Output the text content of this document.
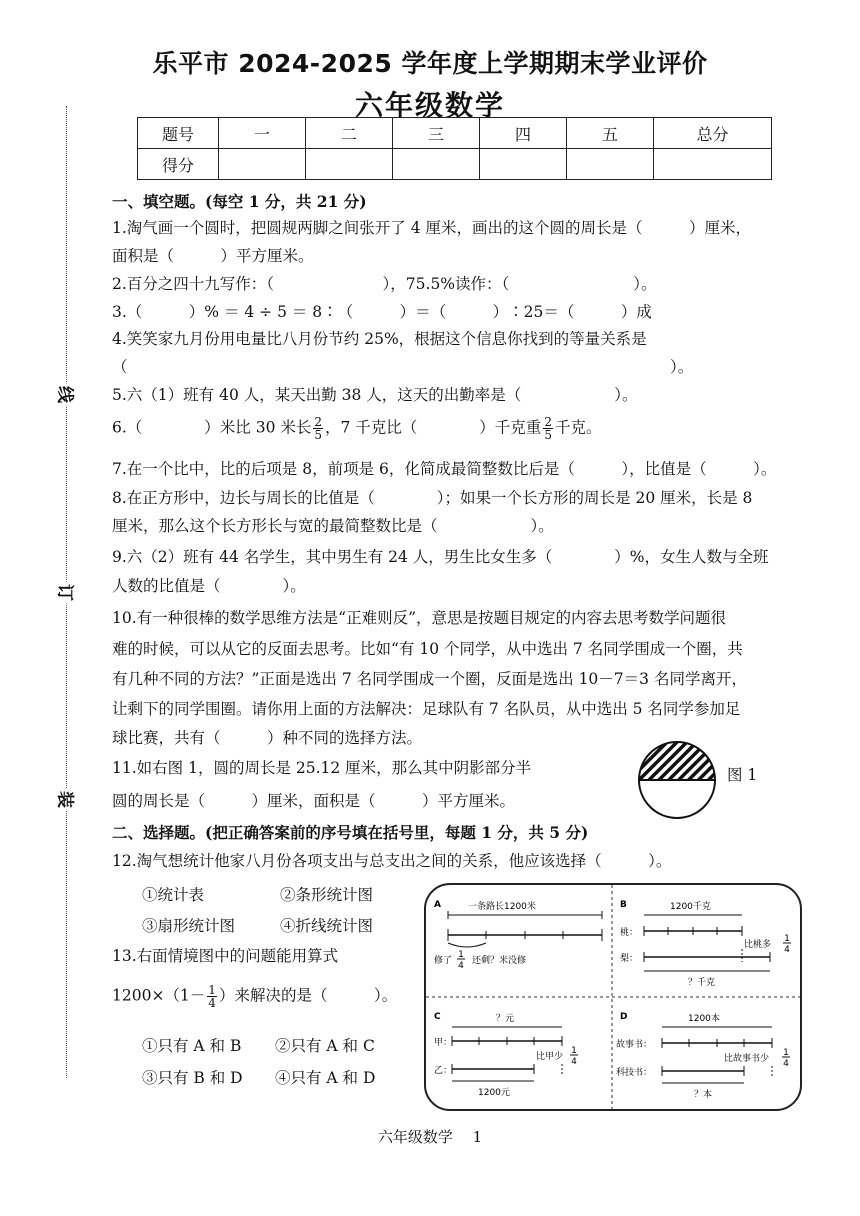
乐平市 2024-2025 学年度上学期期末学业评价
六年级数学
题号	一	二	三	四	五	总分
得分						
线
订
装
一、填空题。(每空 1 分，共 21 分)
1.淘气画一个圆时，把圆规两脚之间张开了 4 厘米，画出的这个圆的周长是（　　　）厘米，
面积是（　　　）平方厘米。
2.百分之四十九写作：（　　　　　　　），75.5%读作：（　　　　　　　　）。
3.（　　　）% ＝ 4 ÷ 5 ＝ 8∶（　　　）＝（　　　）∶25＝（　　　）成
4.笑笑家九月份用电量比八月份节约 25%，根据这个信息你找到的等量关系是
（　　　　　　　　　　　　　　　　　　　　　　　　　　　　　　　　　　　）。
5.六（1）班有 40 人，某天出勤 38 人，这天的出勤率是（　　　　　　）。
6.（　　　　）米比 30 米长 $\frac{2}{5}$ ，7 千克比（　　　　）千克重 $\frac{2}{5}$ 千克。
7.在一个比中，比的后项是 8，前项是 6，化简成最简整数比后是（　　　），比值是（　　　）。
8.在正方形中，边长与周长的比值是（　　　　）；如果一个长方形的周长是 20 厘米，长是 8
厘米，那么这个长方形长与宽的最简整数比是（　　　　　　）。
9.六（2）班有 44 名学生，其中男生有 24 人，男生比女生多（　　　　）%，女生人数与全班
人数的比值是（　　　　）。
10.有一种很棒的数学思维方法是“正难则反”，意思是按题目规定的内容去思考数学问题很
难的时候，可以从它的反面去思考。比如“有 10 个同学，从中选出 7 名同学围成一个圈，共
有几种不同的方法？”正面是选出 7 名同学围成一个圈，反面是选出 10－7＝3 名同学离开，
让剩下的同学围圈。请你用上面的方法解决：足球队有 7 名队员，从中选出 5 名同学参加足
球比赛，共有（　　　）种不同的选择方法。
11.如右图 1，圆的周长是 25.12 厘米，那么其中阴影部分半
圆的周长是（　　　）厘米，面积是（　　　）平方厘米。
图 1
二、选择题。(把正确答案前的序号填在括号里，每题 1 分，共 5 分)
12.淘气想统计他家八月份各项支出与总支出之间的关系，他应该选择（　　　）。
①统计表	②条形统计图
③扇形统计图	④折线统计图
13.右面情境图中的问题能用算式
$1200\times(1- \frac{1}{4}$ ）来解决的是（　　　）。
①只有 A 和 B ②只有 A 和 C
③只有 B 和 D ④只有 A 和 D
A	一条路长1200米
修了
1
4 还剩？米没修
B	1200千克
桃：
比桃多
1
4
梨：
？千克
C	？元
甲：
比甲少
1
4
乙：
1200元
D	1200本
故事书：
比故事书少
1
4
科技书：
？本
六年级数学　 1
